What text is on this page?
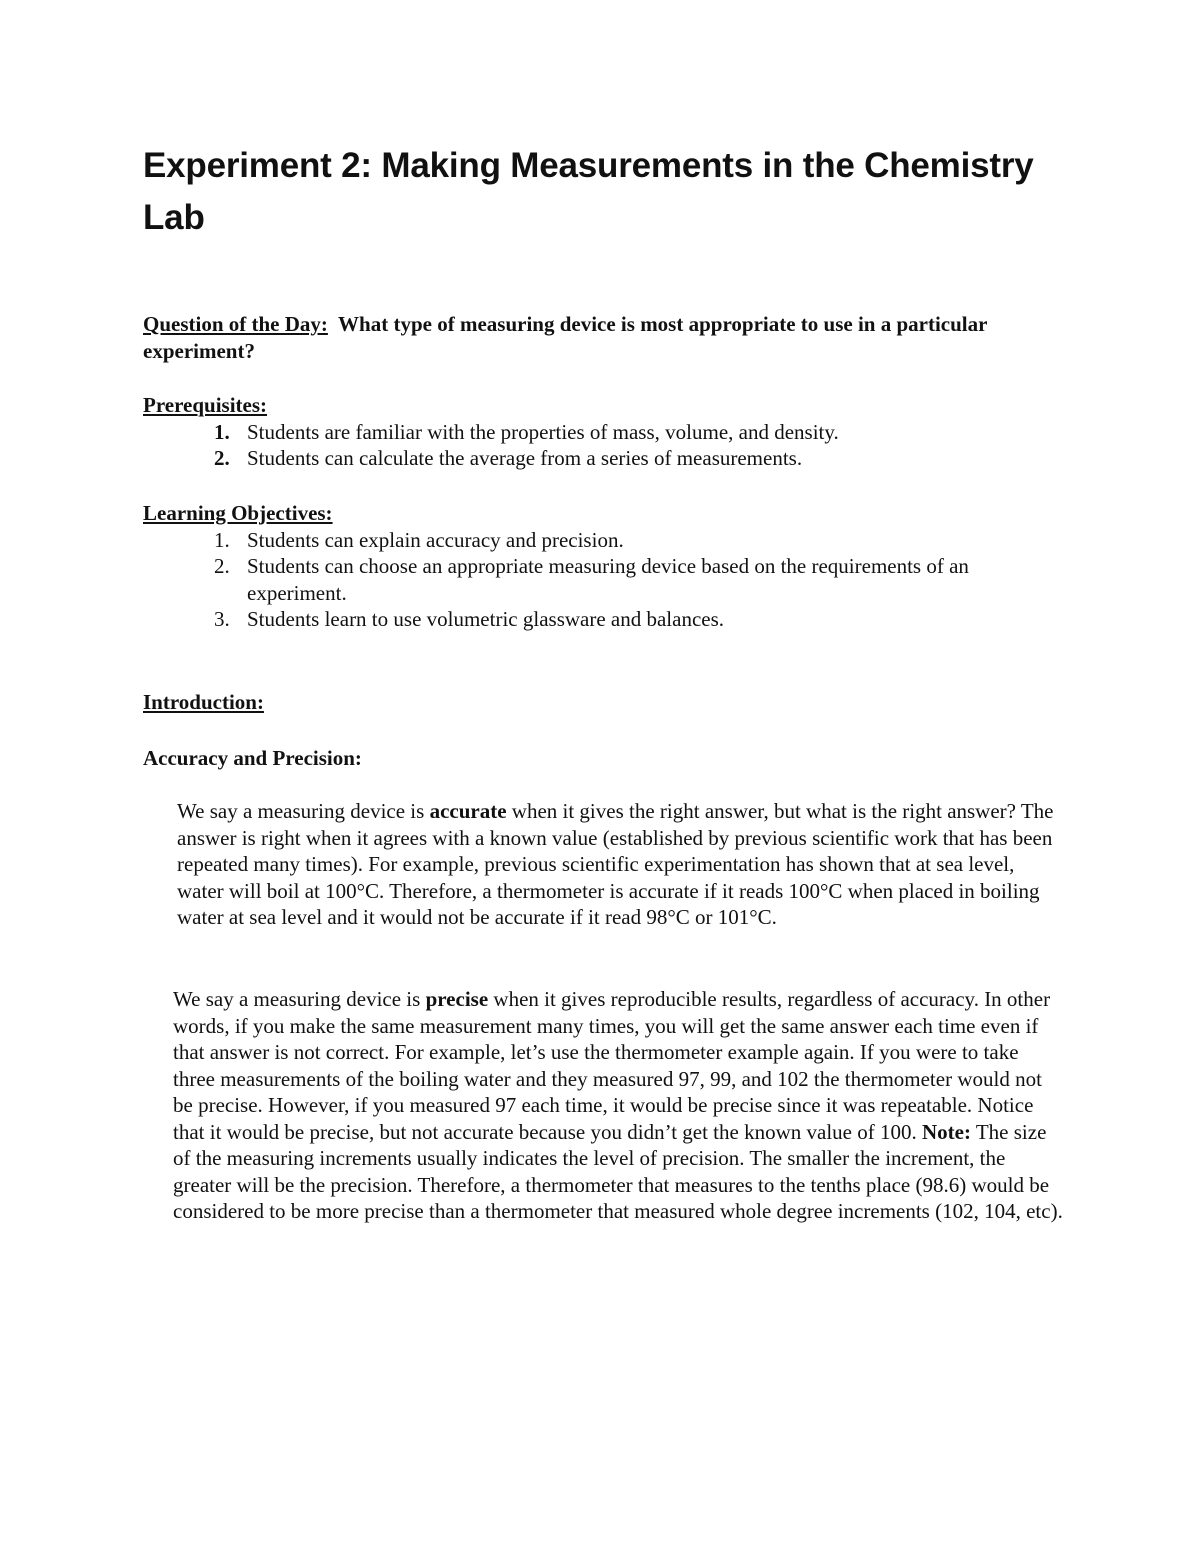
Experiment 2: Making Measurements in the Chemistry Lab
Question of the Day: What type of measuring device is most appropriate to use in a particular experiment?
Prerequisites:
1. Students are familiar with the properties of mass, volume, and density.
2. Students can calculate the average from a series of measurements.
Learning Objectives:
1. Students can explain accuracy and precision.
2. Students can choose an appropriate measuring device based on the requirements of an experiment.
3. Students learn to use volumetric glassware and balances.
Introduction:
Accuracy and Precision:

We say a measuring device is accurate when it gives the right answer, but what is the right answer? The answer is right when it agrees with a known value (established by previous scientific work that has been repeated many times). For example, previous scientific experimentation has shown that at sea level, water will boil at 100°C. Therefore, a thermometer is accurate if it reads 100°C when placed in boiling water at sea level and it would not be accurate if it read 98°C or 101°C.

We say a measuring device is precise when it gives reproducible results, regardless of accuracy. In other words, if you make the same measurement many times, you will get the same answer each time even if that answer is not correct. For example, let’s use the thermometer example again. If you were to take three measurements of the boiling water and they measured 97, 99, and 102 the thermometer would not be precise. However, if you measured 97 each time, it would be precise since it was repeatable. Notice that it would be precise, but not accurate because you didn’t get the known value of 100. Note: The size of the measuring increments usually indicates the level of precision. The smaller the increment, the greater will be the precision. Therefore, a thermometer that measures to the tenths place (98.6) would be considered to be more precise than a thermometer that measured whole degree increments (102, 104, etc).
